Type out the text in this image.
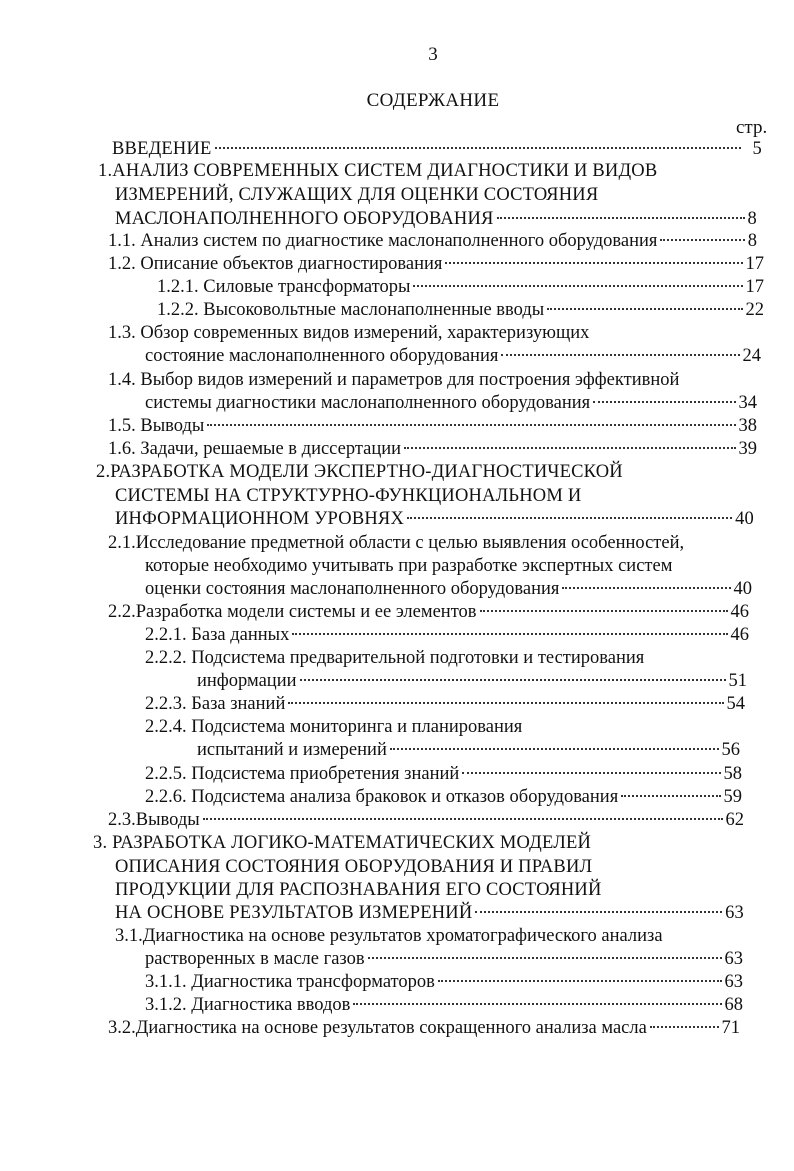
3
СОДЕРЖАНИЕ
стр.
ВВЕДЕНИЕ	5
1.АНАЛИЗ СОВРЕМЕННЫХ СИСТЕМ ДИАГНОСТИКИ И ВИДОВ
ИЗМЕРЕНИЙ, СЛУЖАЩИХ ДЛЯ ОЦЕНКИ СОСТОЯНИЯ
МАСЛОНАПОЛНЕННОГО ОБОРУДОВАНИЯ	8
1.1. Анализ систем по диагностике маслонаполненного оборудования	8
1.2. Описание объектов диагностирования	17
1.2.1. Силовые трансформаторы	17
1.2.2. Высоковольтные маслонаполненные вводы	22
1.3. Обзор современных видов измерений, характеризующих
состояние маслонаполненного оборудования	24
1.4. Выбор видов измерений и параметров для построения эффективной
системы диагностики маслонаполненного оборудования	34
1.5. Выводы	38
1.6. Задачи, решаемые в диссертации	39
2.РАЗРАБОТКА МОДЕЛИ ЭКСПЕРТНО-ДИАГНОСТИЧЕСКОЙ
СИСТЕМЫ НА СТРУКТУРНО-ФУНКЦИОНАЛЬНОМ И
ИНФОРМАЦИОННОМ УРОВНЯХ	40
2.1.Исследование предметной области с целью выявления особенностей,
которые необходимо учитывать при разработке экспертных систем
оценки состояния маслонаполненного оборудования	40
2.2.Разработка модели системы и ее элементов	46
2.2.1. База данных	46
2.2.2. Подсистема предварительной подготовки и тестирования
информации	51
2.2.3. База знаний	54
2.2.4. Подсистема мониторинга и планирования
испытаний и измерений	56
2.2.5. Подсистема приобретения знаний	58
2.2.6. Подсистема анализа браковок и отказов оборудования	59
2.3.Выводы	62
3. РАЗРАБОТКА ЛОГИКО-МАТЕМАТИЧЕСКИХ МОДЕЛЕЙ
ОПИСАНИЯ СОСТОЯНИЯ ОБОРУДОВАНИЯ И ПРАВИЛ
ПРОДУКЦИИ ДЛЯ РАСПОЗНАВАНИЯ ЕГО СОСТОЯНИЙ
НА ОСНОВЕ РЕЗУЛЬТАТОВ ИЗМЕРЕНИЙ	63
3.1.Диагностика на основе результатов хроматографического анализа
растворенных в масле газов	63
3.1.1. Диагностика трансформаторов	63
3.1.2. Диагностика вводов	68
3.2.Диагностика на основе результатов сокращенного анализа масла	71
